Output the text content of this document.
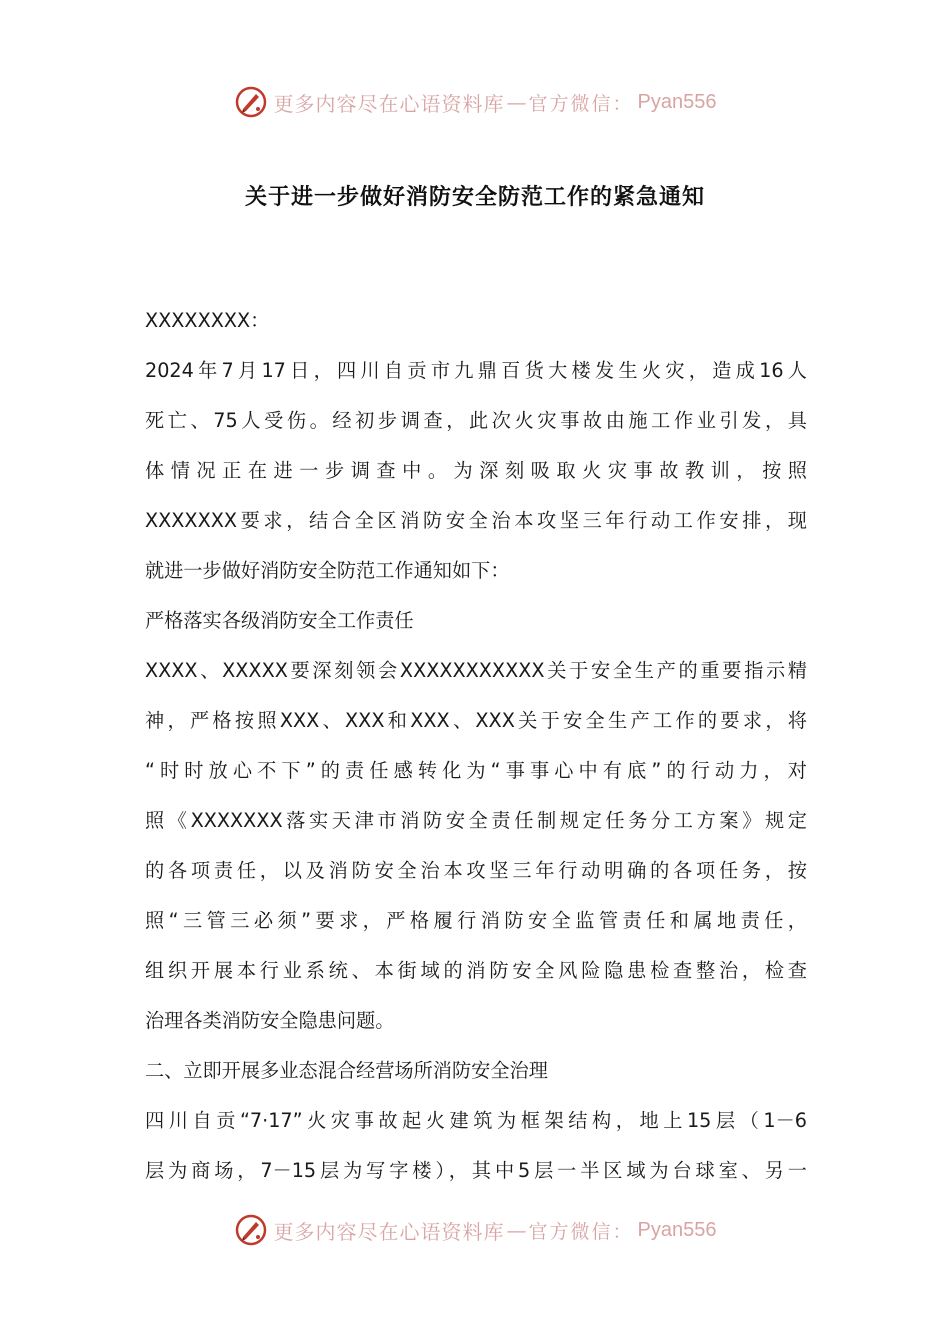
更多内容尽在心语资料库 — 官方微信： Pyan556
关于进一步做好消防安全防范工作的紧急通知
XXXXXXXX：
2024年7月17日，四川自贡市九鼎百货大楼发生火灾，造成16人
死亡、75人受伤。经初步调查，此次火灾事故由施工作业引发，具
体情况正在进一步调查中。为深刻吸取火灾事故教训，按照
XXXXXXX要求，结合全区消防安全治本攻坚三年行动工作安排，现
就进一步做好消防安全防范工作通知如下：
严格落实各级消防安全工作责任
XXXX、XXXXX要深刻领会XXXXXXXXXXX关于安全生产的重要指示精
神，严格按照XXX、XXX和XXX、XXX关于安全生产工作的要求，将
“时时放心不下”的责任感转化为“事事心中有底”的行动力，对
照《XXXXXXX落实天津市消防安全责任制规定任务分工方案》规定
的各项责任，以及消防安全治本攻坚三年行动明确的各项任务，按
照“三管三必须”要求，严格履行消防安全监管责任和属地责任，
组织开展本行业系统、本街域的消防安全风险隐患检查整治，检查
治理各类消防安全隐患问题。
二、立即开展多业态混合经营场所消防安全治理
四川自贡“7·17”火灾事故起火建筑为框架结构，地上15层（1－6
层为商场，7－15层为写字楼），其中5层一半区域为台球室、另一
更多内容尽在心语资料库 — 官方微信： Pyan556
